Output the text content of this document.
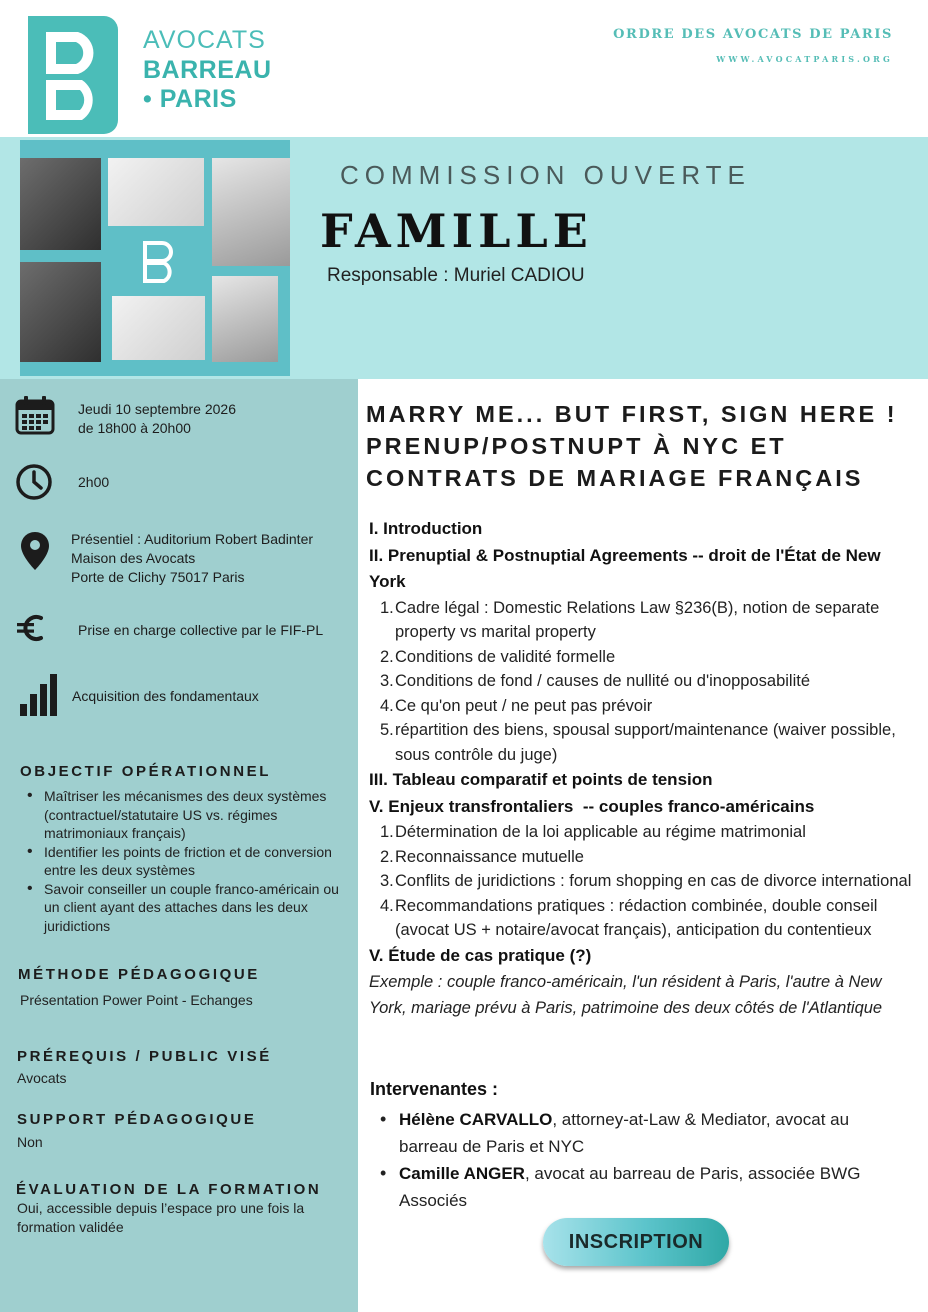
AVOCATS
BARREAU
• PARIS
ORDRE DES AVOCATS DE PARIS
WWW.AVOCATPARIS.ORG
COMMISSION OUVERTE
FAMILLE
Responsable : Muriel CADIOU
Jeudi 10 septembre 2026
de 18h00 à 20h00
2h00
Présentiel : Auditorium Robert Badinter
Maison des Avocats
Porte de Clichy 75017 Paris
Prise en charge collective par le FIF-PL
Acquisition des fondamentaux
OBJECTIF OPÉRATIONNEL
• Maîtriser les mécanismes des deux systèmes (contractuel/statutaire US vs. régimes matrimoniaux français)
• Identifier les points de friction et de conversion entre les deux systèmes
• Savoir conseiller un couple franco-américain ou un client ayant des attaches dans les deux juridictions
MÉTHODE PÉDAGOGIQUE
Présentation Power Point - Echanges
PRÉREQUIS / PUBLIC VISÉ
Avocats
SUPPORT PÉDAGOGIQUE
Non
ÉVALUATION DE LA FORMATION
Oui, accessible depuis l’espace pro une fois la
formation validée
MARRY ME... BUT FIRST, SIGN HERE ! PRENUP/POSTNUPT À NYC ET CONTRATS DE MARIAGE FRANÇAIS
I. Introduction
II. Prenuptial & Postnuptial Agreements -- droit de l'État de New York
1. Cadre légal : Domestic Relations Law §236(B), notion de separate property vs marital property
2. Conditions de validité formelle
3. Conditions de fond / causes de nullité ou d'inopposabilité
4. Ce qu'on peut / ne peut pas prévoir
5. répartition des biens, spousal support/maintenance (waiver possible, sous contrôle du juge)
III. Tableau comparatif et points de tension
V. Enjeux transfrontaliers  -- couples franco-américains
1. Détermination de la loi applicable au régime matrimonial
2. Reconnaissance mutuelle
3. Conflits de juridictions : forum shopping en cas de divorce international
4. Recommandations pratiques : rédaction combinée, double conseil (avocat US + notaire/avocat français), anticipation du contentieux
V. Étude de cas pratique (?)
Exemple : couple franco-américain, l'un résident à Paris, l'autre à New York, mariage prévu à Paris, patrimoine des deux côtés de l'Atlantique
Intervenantes :
• Hélène CARVALLO, attorney-at-Law & Mediator, avocat au barreau de Paris et NYC
• Camille ANGER, avocat au barreau de Paris, associée BWG Associés
INSCRIPTION
